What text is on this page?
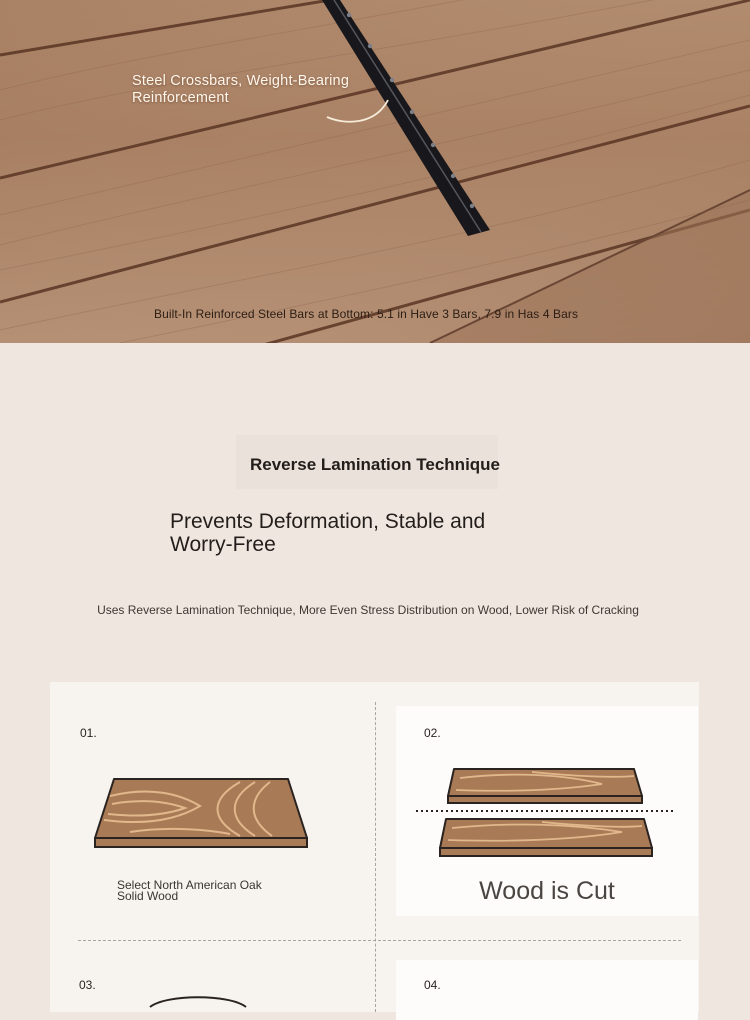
Steel Crossbars, Weight-Bearing Reinforcement
Built-In Reinforced Steel Bars at Bottom: 5.1 in Have 3 Bars, 7.9 in Has 4 Bars
Reverse Lamination Technique
Prevents Deformation, Stable and Worry-Free
Uses Reverse Lamination Technique, More Even Stress Distribution on Wood, Lower Risk of Cracking
01.
Select North American Oak Solid Wood
02.
Wood is Cut
03.	04.
